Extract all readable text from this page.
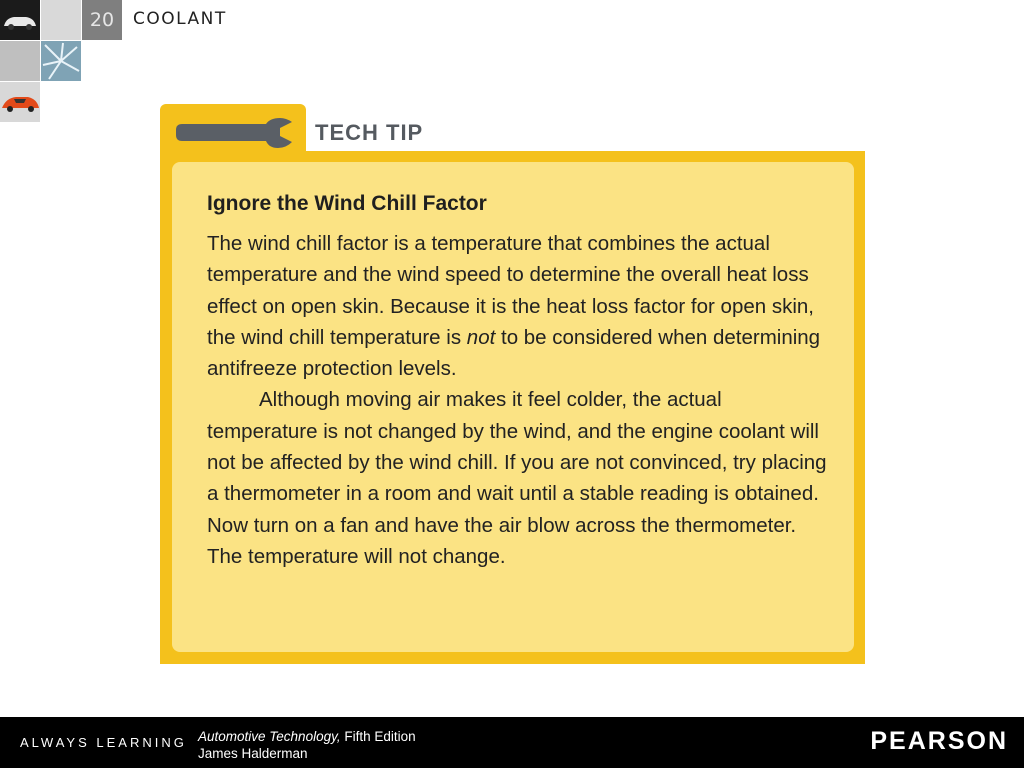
20	COOLANT
TECH TIP
Ignore the Wind Chill Factor

The wind chill factor is a temperature that combines the actual temperature and the wind speed to determine the overall heat loss effect on open skin. Because it is the heat loss factor for open skin, the wind chill temperature is not to be considered when determining antifreeze protection levels.

Although moving air makes it feel colder, the actual temperature is not changed by the wind, and the engine coolant will not be affected by the wind chill. If you are not convinced, try placing a thermometer in a room and wait until a stable reading is obtained. Now turn on a fan and have the air blow across the thermometer. The temperature will not change.

ALWAYS LEARNING Automotive Technology, Fifth Edition
James Halderman	PEARSON
